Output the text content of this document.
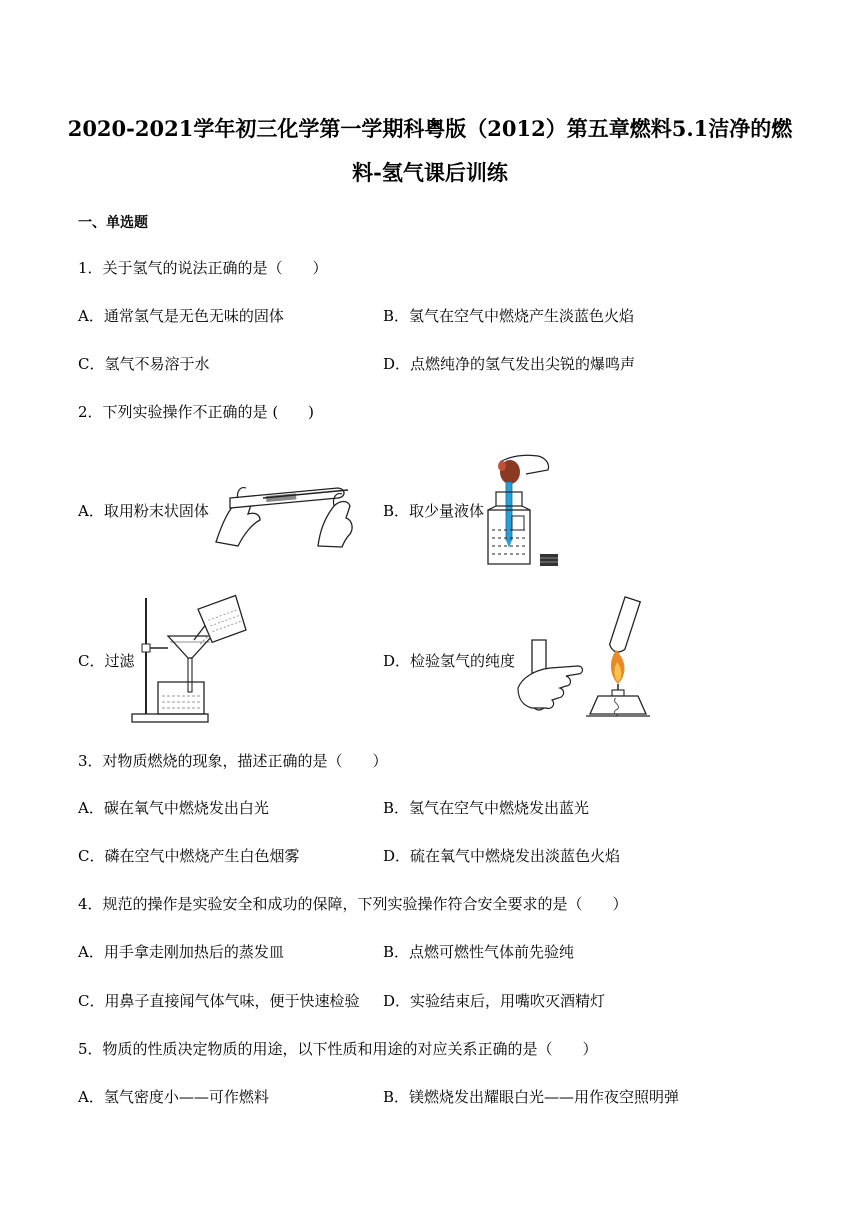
2020-2021学年初三化学第一学期科粤版（2012）第五章燃料5.1洁净的燃
料-氢气课后训练
一、单选题
1．关于氢气的说法正确的是（　　）
A．通常氢气是无色无味的固体	B．氢气在空气中燃烧产生淡蓝色火焰
C．氢气不易溶于水	D．点燃纯净的氢气发出尖锐的爆鸣声
2．下列实验操作不正确的是 (　　)
A．取用粉末状固体	B．取少量液体
C．过滤	D．检验氢气的纯度
3．对物质燃烧的现象，描述正确的是（　　）
A．碳在氧气中燃烧发出白光	B．氢气在空气中燃烧发出蓝光
C．磷在空气中燃烧产生白色烟雾	D．硫在氧气中燃烧发出淡蓝色火焰
4．规范的操作是实验安全和成功的保障，下列实验操作符合安全要求的是（　　）
A．用手拿走刚加热后的蒸发皿	B．点燃可燃性气体前先验纯
C．用鼻子直接闻气体气味，便于快速检验 D．实验结束后，用嘴吹灭酒精灯
5．物质的性质决定物质的用途，以下性质和用途的对应关系正确的是（　　）
A．氢气密度小——可作燃料	B．镁燃烧发出耀眼白光——用作夜空照明弹
